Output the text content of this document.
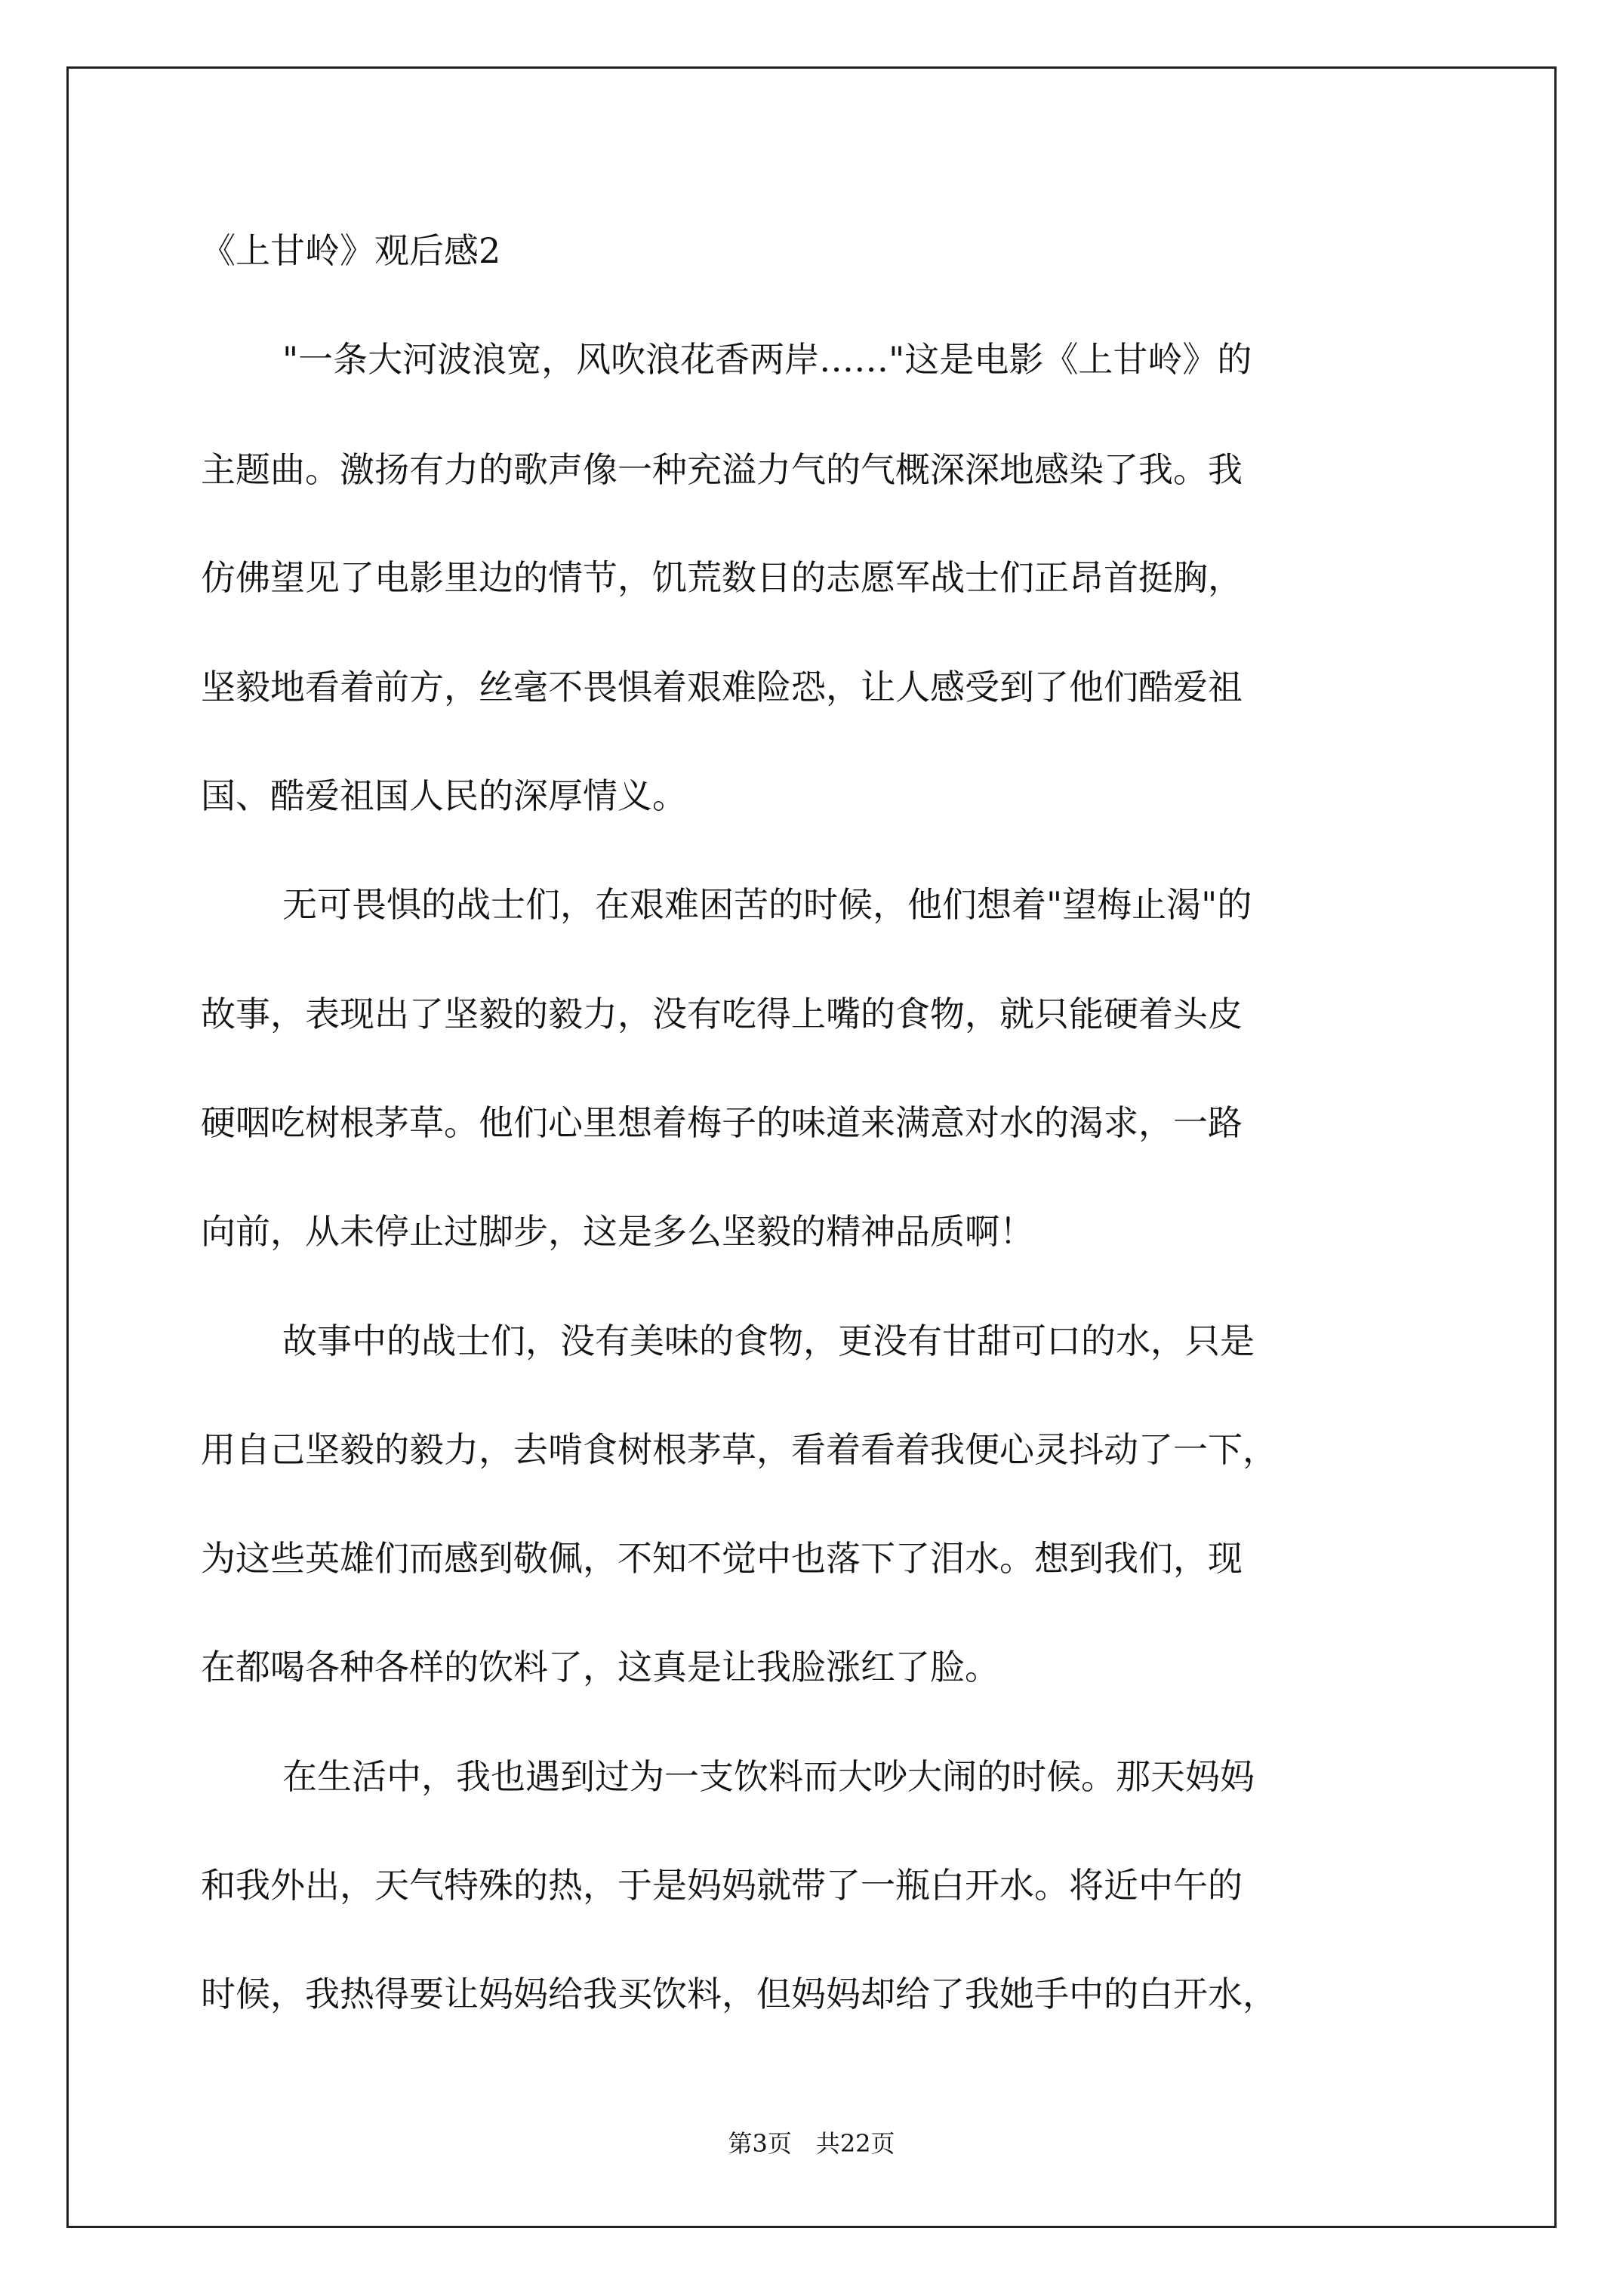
《上甘岭》观后感2
"一条大河波浪宽，风吹浪花香两岸……"这是电影《上甘岭》的
主题曲。激扬有力的歌声像一种充溢力气的气概深深地感染了我。我
仿佛望见了电影里边的情节，饥荒数日的志愿军战士们正昂首挺胸，
坚毅地看着前方，丝毫不畏惧着艰难险恐，让人感受到了他们酷爱祖
国、酷爱祖国人民的深厚情义。
无可畏惧的战士们，在艰难困苦的时候，他们想着"望梅止渴"的
故事，表现出了坚毅的毅力，没有吃得上嘴的食物，就只能硬着头皮
硬咽吃树根茅草。他们心里想着梅子的味道来满意对水的渴求，一路
向前，从未停止过脚步，这是多么坚毅的精神品质啊！
故事中的战士们，没有美味的食物，更没有甘甜可口的水，只是
用自己坚毅的毅力，去啃食树根茅草，看着看着我便心灵抖动了一下，
为这些英雄们而感到敬佩，不知不觉中也落下了泪水。想到我们，现
在都喝各种各样的饮料了，这真是让我脸涨红了脸。
在生活中，我也遇到过为一支饮料而大吵大闹的时候。那天妈妈
和我外出，天气特殊的热，于是妈妈就带了一瓶白开水。将近中午的
时候，我热得要让妈妈给我买饮料，但妈妈却给了我她手中的白开水，
第3页　共22页
